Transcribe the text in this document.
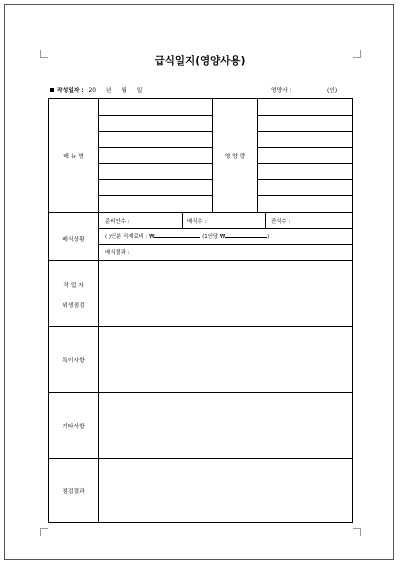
급식일지(영양사용)
작성일자 : 20 년 월 일	영양사 :	(인)
메 뉴 명	영 양 량
배식상황
준비인수 :	배식수 :	잔식수 :
( )인분 식재료비 : ₩	(1인당 ₩	)
배식결과 :
작 업 자
위생점검
특이사항
기타사항
점검결과
